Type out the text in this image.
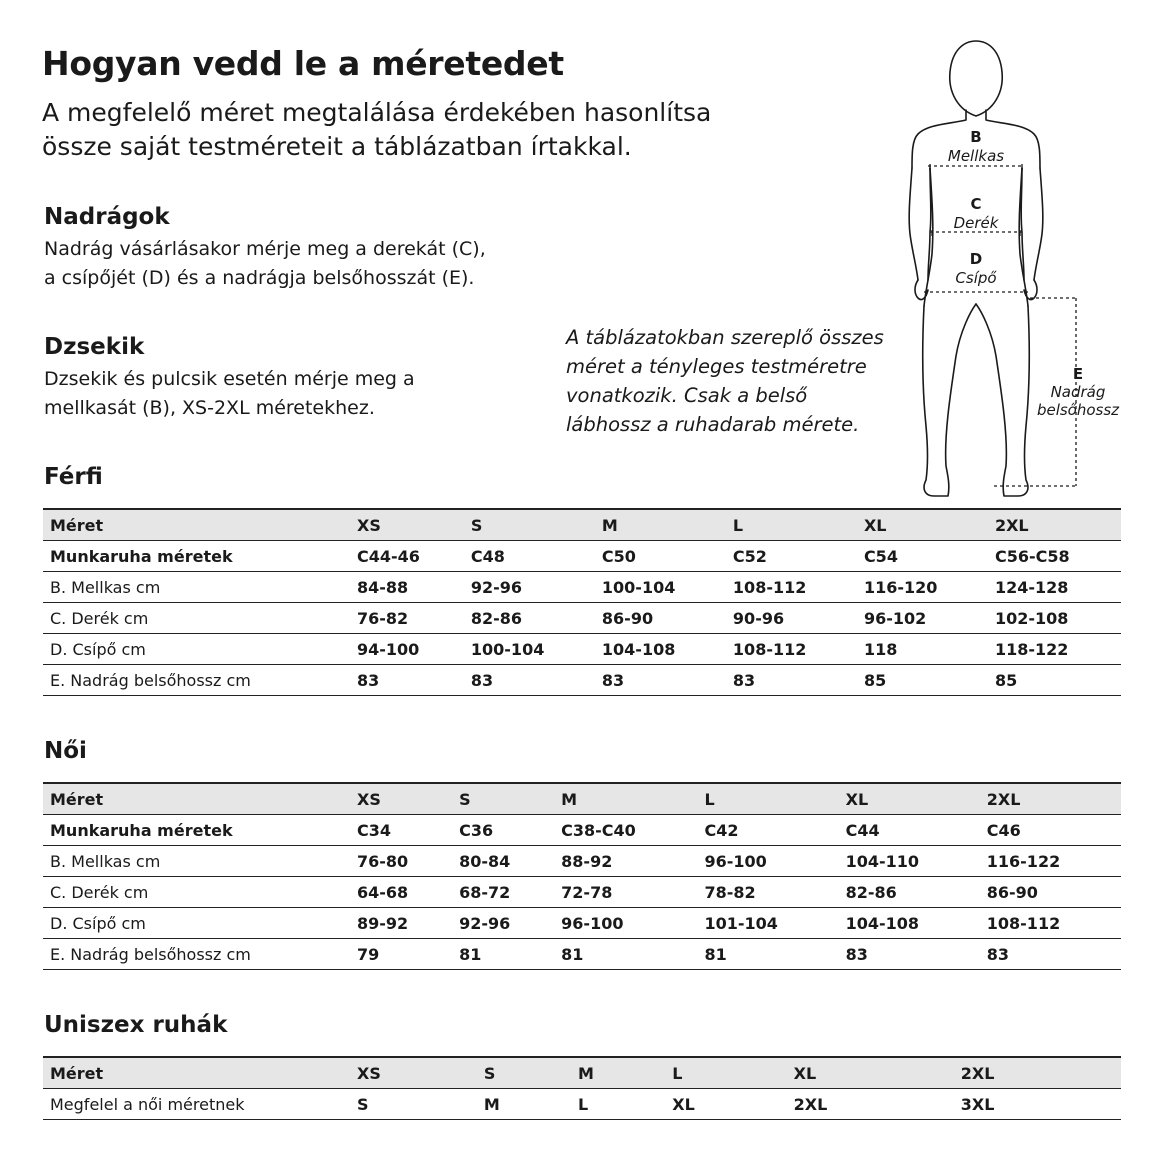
Hogyan vedd le a méretedet

A megfelelő méret megtalálása érdekében hasonlítsa
össze saját testméreteit a táblázatban írtakkal.

Nadrágok

Nadrág vásárlásakor mérje meg a derekát (C),
a csípőjét (D) és a nadrágja belsőhosszát (E).

Dzsekik

Dzsekik és pulcsik esetén mérje meg a
mellkasát (B), XS-2XL méretekhez.

A táblázatokban szereplő összes
méret a tényleges testméretre
vonatkozik. Csak a belső
lábhossz a ruhadarab mérete.

B
Mellkas
C
Derék
D
Csípő
E
Nadrág
belsőhossz

Férfi

Méret	XS	S	M	L	XL	2XL
Munkaruha méretek	C44-46	C48	C50	C52	C54	C56-C58
B. Mellkas cm	84-88	92-96	100-104	108-112	116-120	124-128
C. Derék cm	76-82	82-86	86-90	90-96	96-102	102-108
D. Csípő cm	94-100	100-104	104-108	108-112	118	118-122
E. Nadrág belsőhossz cm	83	83	83	83	85	85

Női

Méret	XS	S	M	L	XL	2XL
Munkaruha méretek	C34	C36	C38-C40	C42	C44	C46
B. Mellkas cm	76-80	80-84	88-92	96-100	104-110	116-122
C. Derék cm	64-68	68-72	72-78	78-82	82-86	86-90
D. Csípő cm	89-92	92-96	96-100	101-104	104-108	108-112
E. Nadrág belsőhossz cm	79	81	81	81	83	83

Uniszex ruhák

Méret	XS	S	M	L	XL	2XL
Megfelel a női méretnek	S	M	L	XL	2XL	3XL
